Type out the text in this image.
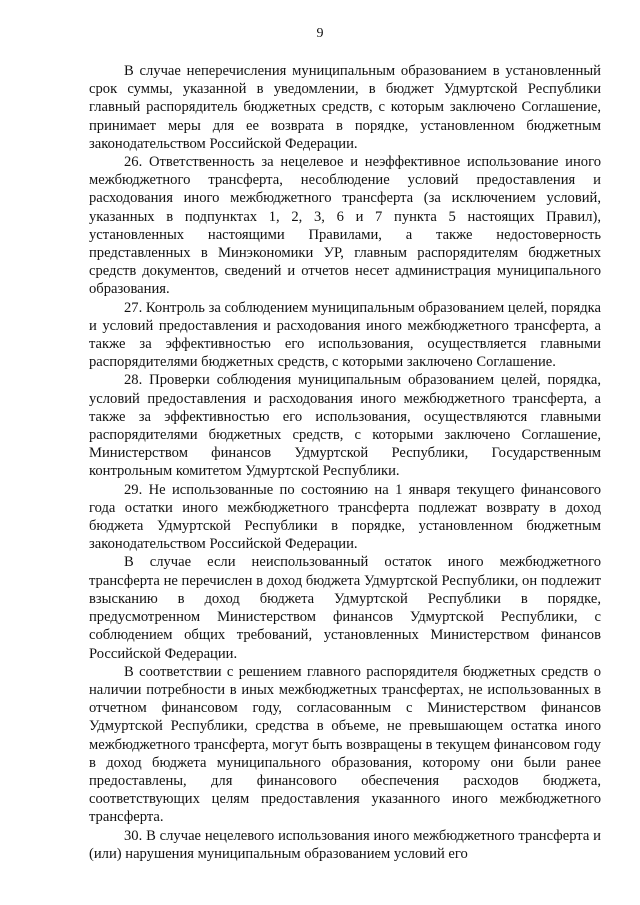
9

В случае неперечисления муниципальным образованием в установленный срок суммы, указанной в уведомлении, в бюджет Удмуртской Республики главный распорядитель бюджетных средств, с которым заключено Соглашение, принимает меры для ее возврата в порядке, установленном бюджетным законодательством Российской Федерации.

26. Ответственность за нецелевое и неэффективное использование иного межбюджетного трансферта, несоблюдение условий предоставления и расходования иного межбюджетного трансферта (за исключением условий, указанных в подпунктах 1, 2, 3, 6 и 7 пункта 5 настоящих Правил), установленных настоящими Правилами, а также недостоверность представленных в Минэкономики УР, главным распорядителям бюджетных средств документов, сведений и отчетов несет администрация муниципального образования.

27. Контроль за соблюдением муниципальным образованием целей, порядка и условий предоставления и расходования иного межбюджетного трансферта, а также за эффективностью его использования, осуществляется главными распорядителями бюджетных средств, с которыми заключено Соглашение.

28. Проверки соблюдения муниципальным образованием целей, порядка, условий предоставления и расходования иного межбюджетного трансферта, а также за эффективностью его использования, осуществляются главными распорядителями бюджетных средств, с которыми заключено Соглашение, Министерством финансов Удмуртской Республики, Государственным контрольным комитетом Удмуртской Республики.

29. Не использованные по состоянию на 1 января текущего финансового года остатки иного межбюджетного трансферта подлежат возврату в доход бюджета Удмуртской Республики в порядке, установленном бюджетным законодательством Российской Федерации.

В случае если неиспользованный остаток иного межбюджетного трансферта не перечислен в доход бюджета Удмуртской Республики, он подлежит взысканию в доход бюджета Удмуртской Республики в порядке, предусмотренном Министерством финансов Удмуртской Республики, с соблюдением общих требований, установленных Министерством финансов Российской Федерации.

В соответствии с решением главного распорядителя бюджетных средств о наличии потребности в иных межбюджетных трансфертах, не использованных в отчетном финансовом году, согласованным с Министерством финансов Удмуртской Республики, средства в объеме, не превышающем остатка иного межбюджетного трансферта, могут быть возвращены в текущем финансовом году в доход бюджета муниципального образования, которому они были ранее предоставлены, для финансового обеспечения расходов бюджета, соответствующих целям предоставления указанного иного межбюджетного трансферта.

30. В случае нецелевого использования иного межбюджетного трансферта и (или) нарушения муниципальным образованием условий его
